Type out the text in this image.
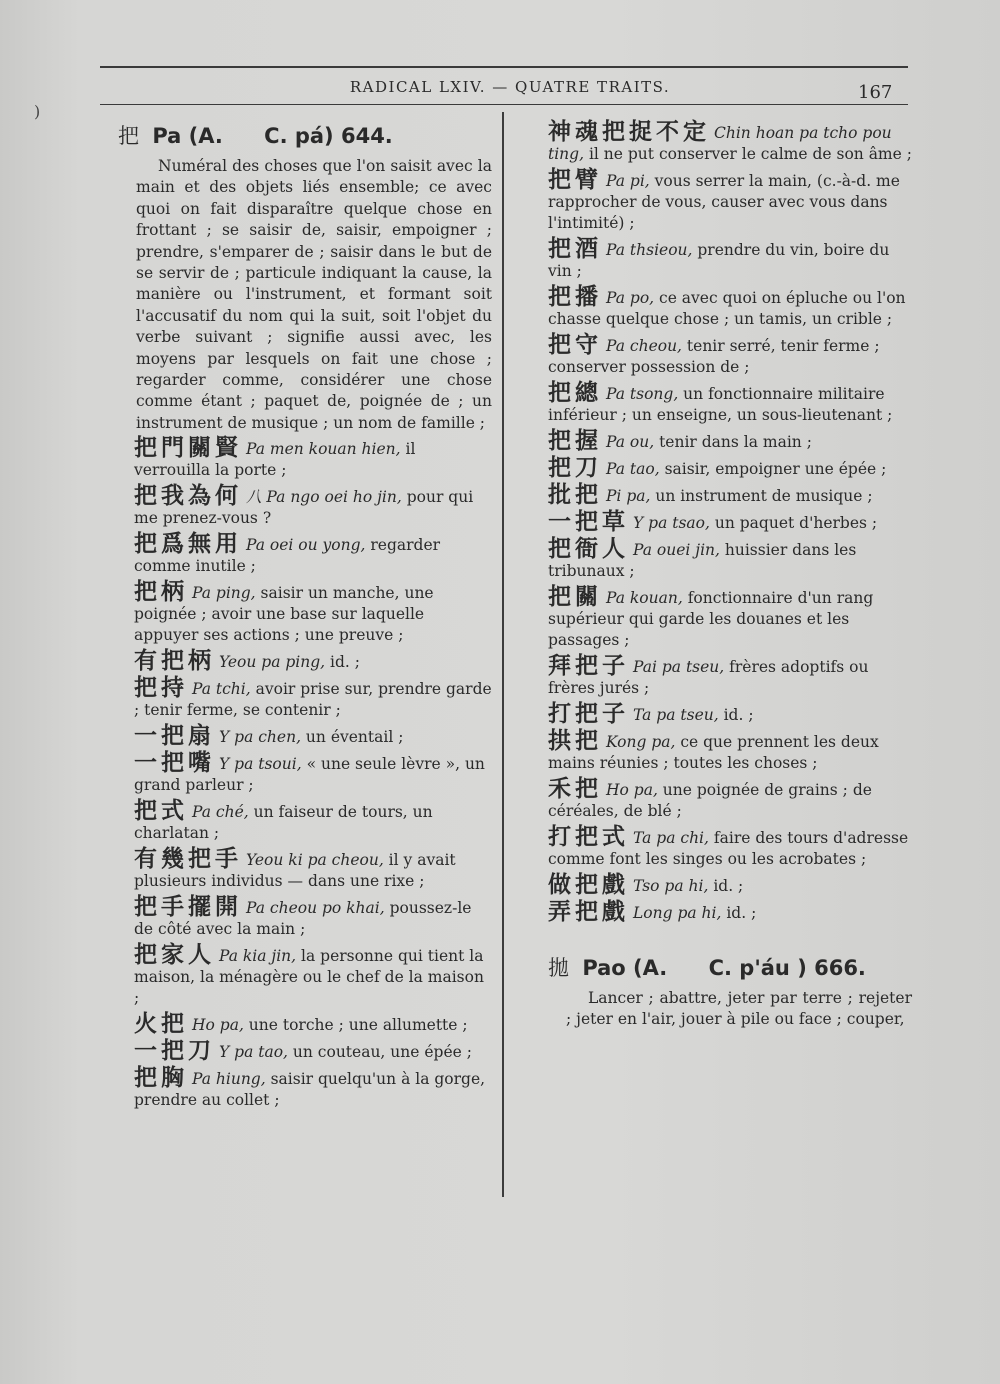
)
RADICAL LXIV. — QUATRE TRAITS.	167
把 Pa (A. C. pá) 644.

Numéral des choses que l'on saisit avec la main et des objets liés ensemble; ce avec quoi on fait disparaître quelque chose en frottant ; se saisir de, saisir, empoigner ; prendre, s'emparer de ; saisir dans le but de se servir de ; particule indiquant la cause, la manière ou l'instrument, et formant soit l'accusatif du nom qui la suit, soit l'objet du verbe suivant ; signifie aussi avec, les moyens par lesquels on fait une chose ; regarder comme, considérer une chose comme étant ; paquet de, poignée de ; un instrument de musique ; un nom de famille ;

把門關賢 Pa men kouan hien, il verrouilla la porte ;
把我為何 八 Pa ngo oei ho jin, pour qui me prenez-vous ?
把爲無用 Pa oei ou yong, regarder comme inutile ;
把柄 Pa ping, saisir un manche, une poignée ; avoir une base sur laquelle appuyer ses actions ; une preuve ;
有把柄 Yeou pa ping, id. ;
把持 Pa tchi, avoir prise sur, prendre garde ; tenir ferme, se contenir ;
一把扇 Y pa chen, un éventail ;
一把嘴 Y pa tsoui, « une seule lèvre », un grand parleur ;
把式 Pa ché, un faiseur de tours, un charlatan ;
有幾把手 Yeou ki pa cheou, il y avait plusieurs individus — dans une rixe ;
把手擺開 Pa cheou po khai, poussez-le de côté avec la main ;
把家人 Pa kia jin, la personne qui tient la maison, la ménagère ou le chef de la maison ;
火把 Ho pa, une torche ; une allumette ;
一把刀 Y pa tao, un couteau, une épée ;
把胸 Pa hiung, saisir quelqu'un à la gorge, prendre au collet ;
神魂把捉不定 Chin hoan pa tcho pou ting, il ne put conserver le calme de son âme ;
把臂 Pa pi, vous serrer la main, (c.-à-d. me rapprocher de vous, causer avec vous dans l'intimité) ;
把酒 Pa thsieou, prendre du vin, boire du vin ;
把播 Pa po, ce avec quoi on épluche ou l'on chasse quelque chose ; un tamis, un crible ;
把守 Pa cheou, tenir serré, tenir ferme ; conserver possession de ;
把總 Pa tsong, un fonctionnaire militaire inférieur ; un enseigne, un sous-lieutenant ;
把握 Pa ou, tenir dans la main ;
把刀 Pa tao, saisir, empoigner une épée ;
批把 Pi pa, un instrument de musique ;
一把草 Y pa tsao, un paquet d'herbes ;
把衙人 Pa ouei jin, huissier dans les tribunaux ;
把關 Pa kouan, fonctionnaire d'un rang supérieur qui garde les douanes et les passages ;
拜把子 Pai pa tseu, frères adoptifs ou frères jurés ;
打把子 Ta pa tseu, id. ;
拱把 Kong pa, ce que prennent les deux mains réunies ; toutes les choses ;
禾把 Ho pa, une poignée de grains ; de céréales, de blé ;
打把式 Ta pa chi, faire des tours d'adresse comme font les singes ou les acrobates ;
做把戲 Tso pa hi, id. ;
弄把戲 Long pa hi, id. ;
拋 Pao (A. C. p'áu ) 666.

Lancer ; abattre, jeter par terre ; rejeter ; jeter en l'air, jouer à pile ou face ; couper,
